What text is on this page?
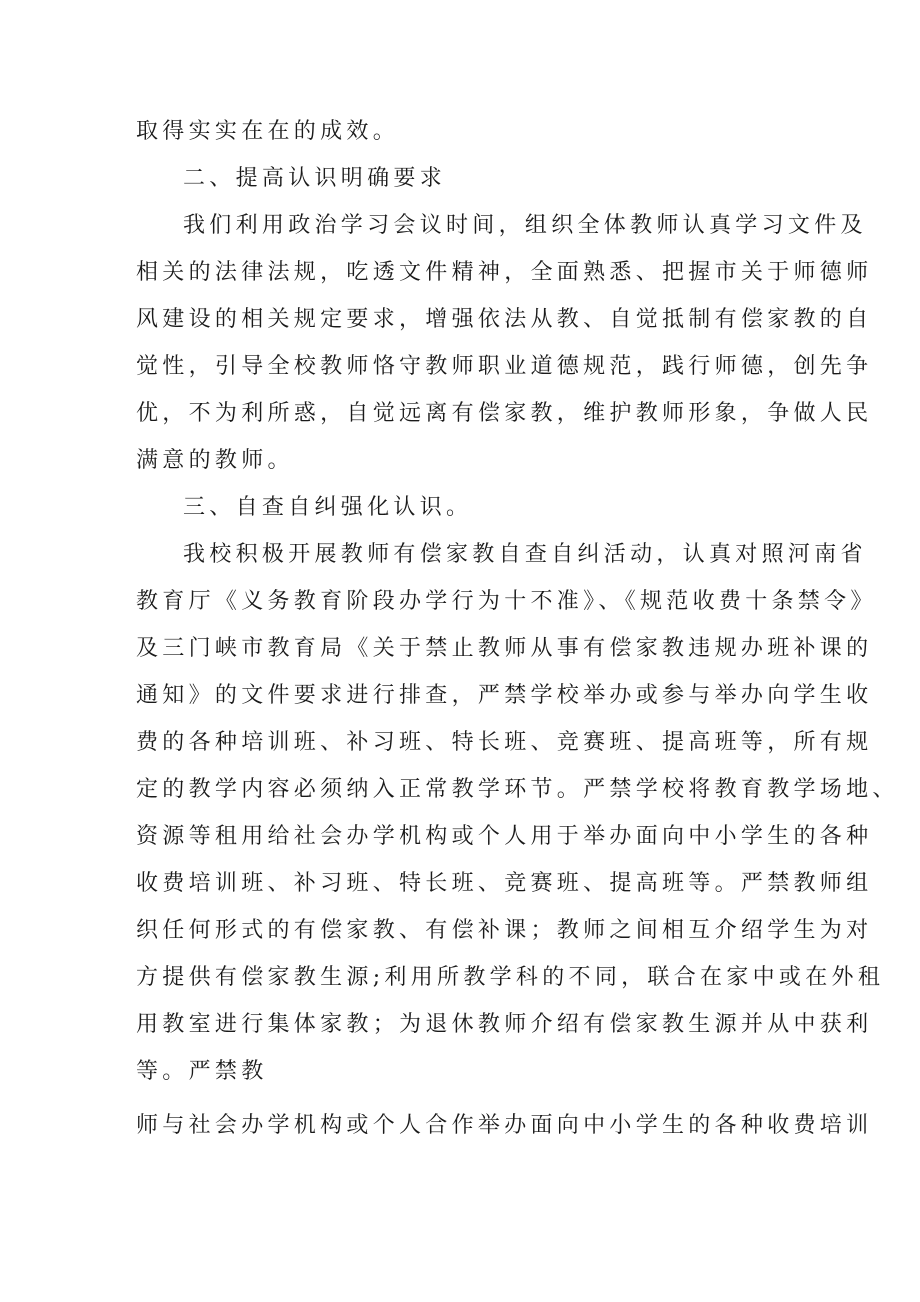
取得实实在在的成效。
二、提高认识明确要求
我们利用政治学习会议时间，组织全体教师认真学习文件及
相关的法律法规，吃透文件精神，全面熟悉、把握市关于师德师
风建设的相关规定要求，增强依法从教、自觉抵制有偿家教的自
觉性，引导全校教师恪守教师职业道德规范，践行师德，创先争
优，不为利所惑，自觉远离有偿家教，维护教师形象，争做人民
满意的教师。
三、自查自纠强化认识。
我校积极开展教师有偿家教自查自纠活动，认真对照河南省
教育厅《义务教育阶段办学行为十不准》、《规范收费十条禁令》
及三门峡市教育局《关于禁止教师从事有偿家教违规办班补课的
通知》的文件要求进行排查，严禁学校举办或参与举办向学生收
费的各种培训班、补习班、特长班、竞赛班、提高班等，所有规
定的教学内容必须纳入正常教学环节。严禁学校将教育教学场地、
资源等租用给社会办学机构或个人用于举办面向中小学生的各种
收费培训班、补习班、特长班、竞赛班、提高班等。严禁教师组
织任何形式的有偿家教、有偿补课；教师之间相互介绍学生为对
方提供有偿家教生源;利用所教学科的不同，联合在家中或在外租
用教室进行集体家教；为退休教师介绍有偿家教生源并从中获利
等。严禁教
师与社会办学机构或个人合作举办面向中小学生的各种收费培训
